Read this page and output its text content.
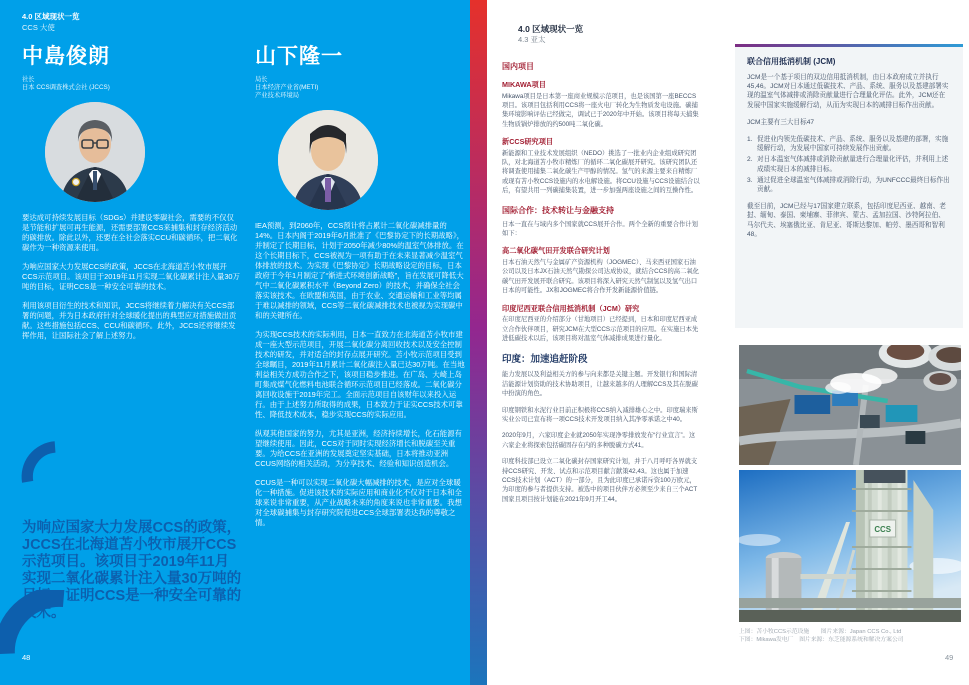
4.0 区域现状一览
CCS 大使
中島俊朗
社长
日本 CCS调查株式会社 (JCCS)

要达成可持续发展目标（SDGs）并建设零碳社会，需要的不仅仅是节能和扩展可再生能源，还需要部署CCS来捕集和封存经济活动的碳排放。除此以外，还要在全社会落实CCU和碳循环，把二氧化碳作为一种资源来使用。

为响应国家大力发展CCS的政策，JCCS在北海道苫小牧市展开CCS示范项目。该项目于2019年11月实现二氧化碳累计注入量30万吨的目标，证明CCS是一种安全可靠的技术。

利用该项目衍生的技术和知识，JCCS将继续着力解决有关CCS部署的问题，并为日本政府针对全球暖化提出的典型应对措施做出贡献。这些措施包括CCS、CCU和碳循环。此外，JCCS还将继续发挥作用，让国际社会了解上述努力。

山下隆一
局长
日本经济产业省(METI)
产业技术环境局

IEA预测，到2060年，CCS预计将占累计二氧化碳减排量的14%。日本内阁于2019年6月批准了《巴黎协定下的长期战略》，并制定了长期目标，计划于2050年减少80%的温室气体排放。在这个长期目标下，CCS被视为一项有助于在未来显著减少温室气体排放的技术。为实现《巴黎协定》长期战略设定的目标，日本政府于今年1月制定了“渐进式环境创新战略”，旨在发展可降低大气中二氧化碳累积水平（Beyond Zero）的技术，并确保全社会落实该技术。在欧盟和英国，由于农业、交通运输和工业等均属于难以减排的领域，CCS等二氧化碳减排技术也被视为实现碳中和的关键所在。

为实现CCS技术的实际利用，日本一直致力在北海道苫小牧市建成一座大型示范项目，开展二氧化碳分离回收技术以及安全控制技术的研发，并对适合的封存点展开研究。苫小牧示范项目受到全球瞩目，2019年11月累计二氧化碳注入量已达30万吨。在当地利益相关方成功合作之下，该项目稳步推进。在广岛、大崎上岛町集成煤气化燃料电池联合循环示范项目已经落成。二氧化碳分离回收设施于2019年完工。全面示范项目自该财年以来投入运行。由于上述努力所取得的成果，日本致力于证实CCS技术可靠性、降低技术成本，稳步实现CCS的实际应用。

纵观其他国家的努力，尤其是亚洲，经济持续增长，化石能源有望继续使用。因此，CCS对于同时实现经济增长和脱碳至关重要。为给CCS在亚洲的发展奠定坚实基础，日本将推动亚洲CCUS网络的相关活动，为分享技术、经验和知识创造机会。

CCUS是一种可以实现二氧化碳大幅减排的技术，是应对全球暖化一种措施。促进该技术的实际应用和商业化不仅对于日本和全球来说非常重要，从产业战略未来的角度来说也非常重要。我想对全球碳捕集与封存研究院促进CCS全球部署表达我的尊敬之情。

为响应国家大力发展CCS的政策，JCCS在北海道苫小牧市展开CCS示范项目。该项目于2019年11月实现二氧化碳累计注入量30万吨的目标，证明CCS是一种安全可靠的技术。
48
4.0 区域现状一览
4.3 亚太
国内项目
MIKAWA项目

Mikawa项目是日本第一座商业规模示范项目，也是该国第一座BECCS项目。该项目包括利用CCS将一座火电厂转化为生物质发电设施。碳捕集环境影响评估已经做完，调试已于2020年中开始。该项目将每天捕集生物质锅炉排放的约500吨二氧化碳。

新CCS研究项目

新能源和工业技术发展组织（NEDO）挑选了一批业内企业组成研究团队，对北海道苫小牧市精炼厂的循环二氧化碳展开研究。该研究团队还将调查使用捕集二氧化碳生产甲醇的情况。氢气的来源主要来自精炼厂或现有苫小牧CCS设施内的水电解设施。将CCU设施与CCS设施结合以后，有望共用一列碳捕集装置，进一步加强两座设施之间的互操作性。

国际合作：技术转让与金融支持

日本一直在与域内多个国家就CCS展开合作。两个全新的重要合作计划如下：

高二氧化碳气田开发联合研究计划

日本石油天然气与金属矿产资源机构（JOGMEC）、马来西亚国家石油公司以及日本JX石油天然气勘探公司达成协议，就结合CCS的高二氧化碳气田开发展开联合研究。该项目将深入研究天然气制氢以及氢气出口日本的可能性。JX和JOGMEC将合作开发新能源价值链。

印度尼西亚联合信用抵消机制（JCM）研究

在印度尼西亚的介绍部分（甘地项目）已经提到，日本和印度尼西亚成立合作伙伴项目，研究JCM在大型CCS示范项目的应用。在实施日本先进低碳技术以后，该项目将对温室气体减排成果进行量化。

印度：加速追赶阶段

能力发展以及利益相关方的参与向来都是关键主题。开发银行和国际清洁能源计划资助的技术协助项目，让越来越多的人理解CCS及其在脱碳中扮演的角色。

印度钢铁和水泥行业目前正积极将CCS纳入减排雄心之中。印度瑞来斯实业公司已宣布将一项CCS技术开发项目纳入其净零承诺之中40。

2020年9月，六家印度企业就2050年实现净零排放发布“行业宣言”。这六家企业将探索包括碳固存在内的多种脱碳方式41。

印度科技部已设立二氧化碳封存国家研究计划，并于八月呼吁各界就支持CCS研究、开发、试点和示范项目献言献策42,43。这也属于加速CCS技术计划（ACT）的一部分，且为此印度已承诺斥资100万欧元，为印度的参与者提供支持。被选中的项目伙伴方必须至少来自三个ACT国家且项目按计划能在2021年9月开工44。

联合信用抵消机制 (JCM)

JCM是一个基于项目的双边信用抵消机制，由日本政府成立并执行45,46。JCM对日本通过低碳技术、产品、系统、服务以及基建部署实现的温室气体减排或消除贡献量进行合理量化评估。此外，JCM还在发展中国家实施缓解行动，从而为实现日本的减排目标作出贡献。

JCM主要有三大目标47

1. 促进业内领先低碳技术、产品、系统、服务以及基建的部署，实施缓解行动，为发展中国家可持续发展作出贡献。
2. 对日本温室气体减排或消除贡献量进行合理量化评估，并利用上述成绩实现日本的减排目标。
3. 通过促进全球温室气体减排或消除行动，为UNFCCC最终目标作出贡献。

截至目前，JCM已经与17国家建立联系，包括印度尼西亚、越南、老挝、缅甸、泰国、柬埔寨、菲律宾、蒙古、孟加拉国、沙特阿拉伯、马尔代夫、埃塞俄比亚、肯尼亚、哥斯达黎加、帕劳、墨西哥和智利48。

CCS
上图：苫小牧CCS示范设施　　图片来源：Japan CCS Co., Ltd
下图：Mikawa发电厂　图片来源：东芝能源系统和解决方案公司
49
